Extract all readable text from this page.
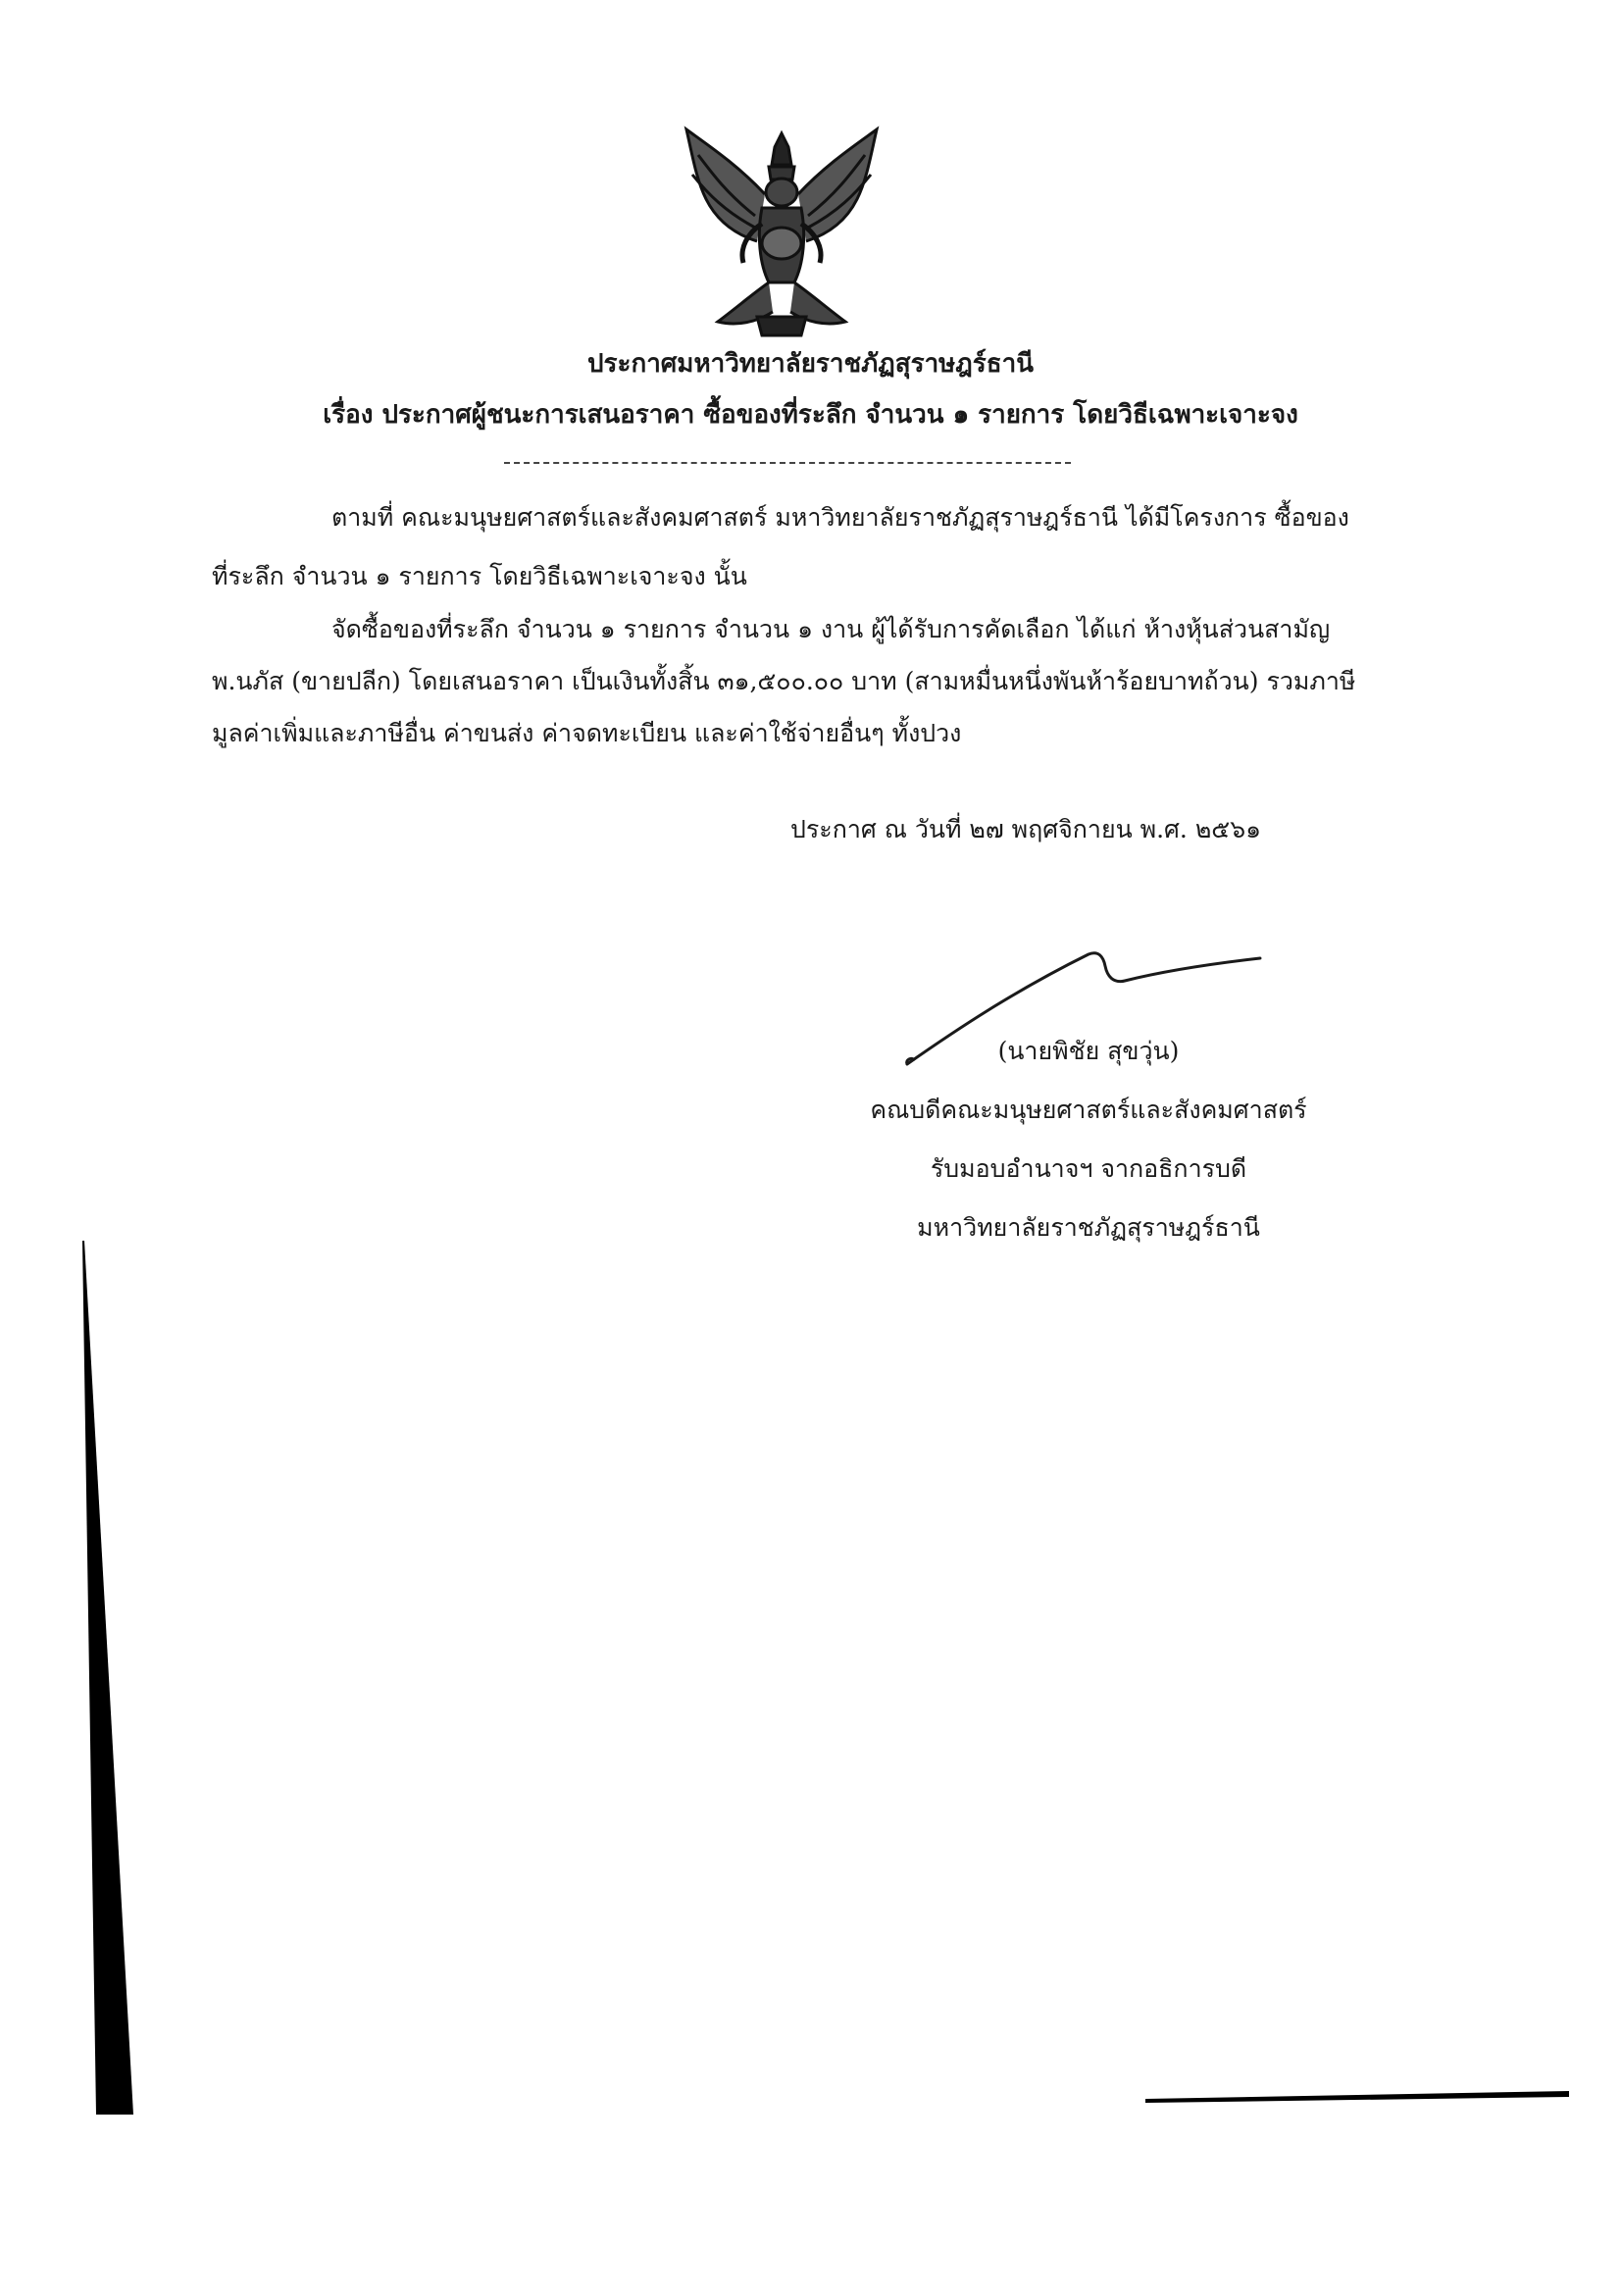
ประกาศมหาวิทยาลัยราชภัฏสุราษฎร์ธานี
เรื่อง ประกาศผู้ชนะการเสนอราคา ซื้อของที่ระลึก จำนวน ๑ รายการ โดยวิธีเฉพาะเจาะจง
ตามที่ คณะมนุษยศาสตร์และสังคมศาสตร์ มหาวิทยาลัยราชภัฏสุราษฎร์ธานี ได้มีโครงการ ซื้อของ
ที่ระลึก จำนวน ๑ รายการ โดยวิธีเฉพาะเจาะจง นั้น
จัดซื้อของที่ระลึก จำนวน ๑ รายการ จำนวน ๑ งาน ผู้ได้รับการคัดเลือก ได้แก่ ห้างหุ้นส่วนสามัญ
พ.นภัส (ขายปลีก) โดยเสนอราคา เป็นเงินทั้งสิ้น ๓๑,๕๐๐.๐๐ บาท (สามหมื่นหนึ่งพันห้าร้อยบาทถ้วน) รวมภาษี
มูลค่าเพิ่มและภาษีอื่น ค่าขนส่ง ค่าจดทะเบียน และค่าใช้จ่ายอื่นๆ ทั้งปวง
ประกาศ ณ วันที่ ๒๗ พฤศจิกายน พ.ศ. ๒๕๖๑
(นายพิชัย สุขวุ่น)
คณบดีคณะมนุษยศาสตร์และสังคมศาสตร์
รับมอบอำนาจฯ จากอธิการบดี
มหาวิทยาลัยราชภัฏสุราษฎร์ธานี
